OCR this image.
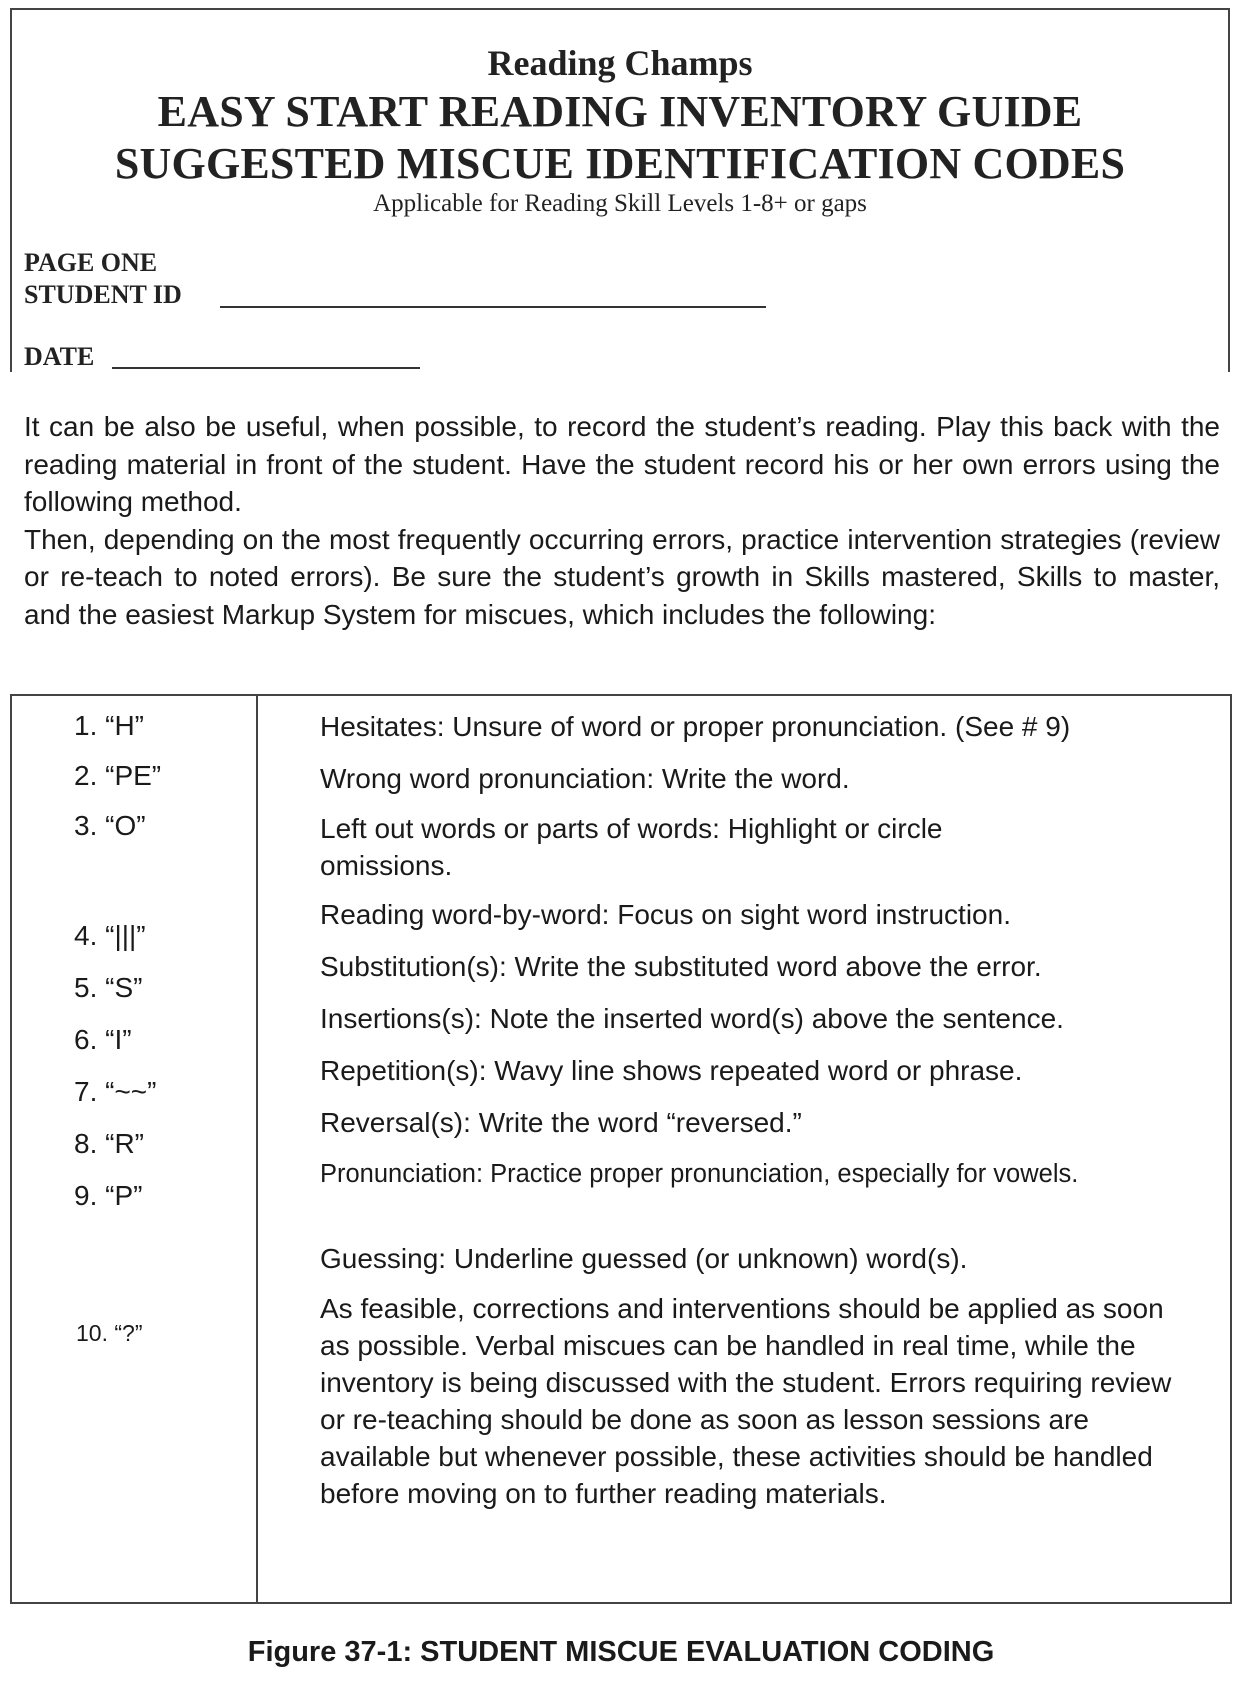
Reading Champs
EASY START READING INVENTORY GUIDE
SUGGESTED MISCUE IDENTIFICATION CODES
Applicable for Reading Skill Levels 1-8+ or gaps
PAGE ONE
STUDENT ID
DATE

It can be also be useful, when possible, to record the student’s reading. Play this back with the reading material in front of the student. Have the student record his or her own errors using the following method.

Then, depending on the most frequently occurring errors, practice intervention strategies (review or re-teach to noted errors). Be sure the student’s growth in Skills mastered, Skills to master, and the easiest Markup System for miscues, which includes the following:

1. “H”
2. “PE”
3. “O”
4. “|||”
5. “S”
6. “I”
7. “~~”
8. “R”
9. “P”
10. “?”
Hesitates: Unsure of word or proper pronunciation. (See # 9)
Wrong word pronunciation: Write the word.
Left out words or parts of words: Highlight or circle omissions.
Reading word-by-word: Focus on sight word instruction.
Substitution(s): Write the substituted word above the error.
Insertions(s): Note the inserted word(s) above the sentence.
Repetition(s): Wavy line shows repeated word or phrase.
Reversal(s): Write the word “reversed.”
Pronunciation: Practice proper pronunciation, especially for vowels.
Guessing: Underline guessed (or unknown) word(s).
As feasible, corrections and interventions should be applied as soon as possible. Verbal miscues can be handled in real time, while the inventory is being discussed with the student. Errors requiring review or re-teaching should be done as soon as lesson sessions are available but whenever possible, these activities should be handled before moving on to further reading materials.
Figure 37-1: STUDENT MISCUE EVALUATION CODING
